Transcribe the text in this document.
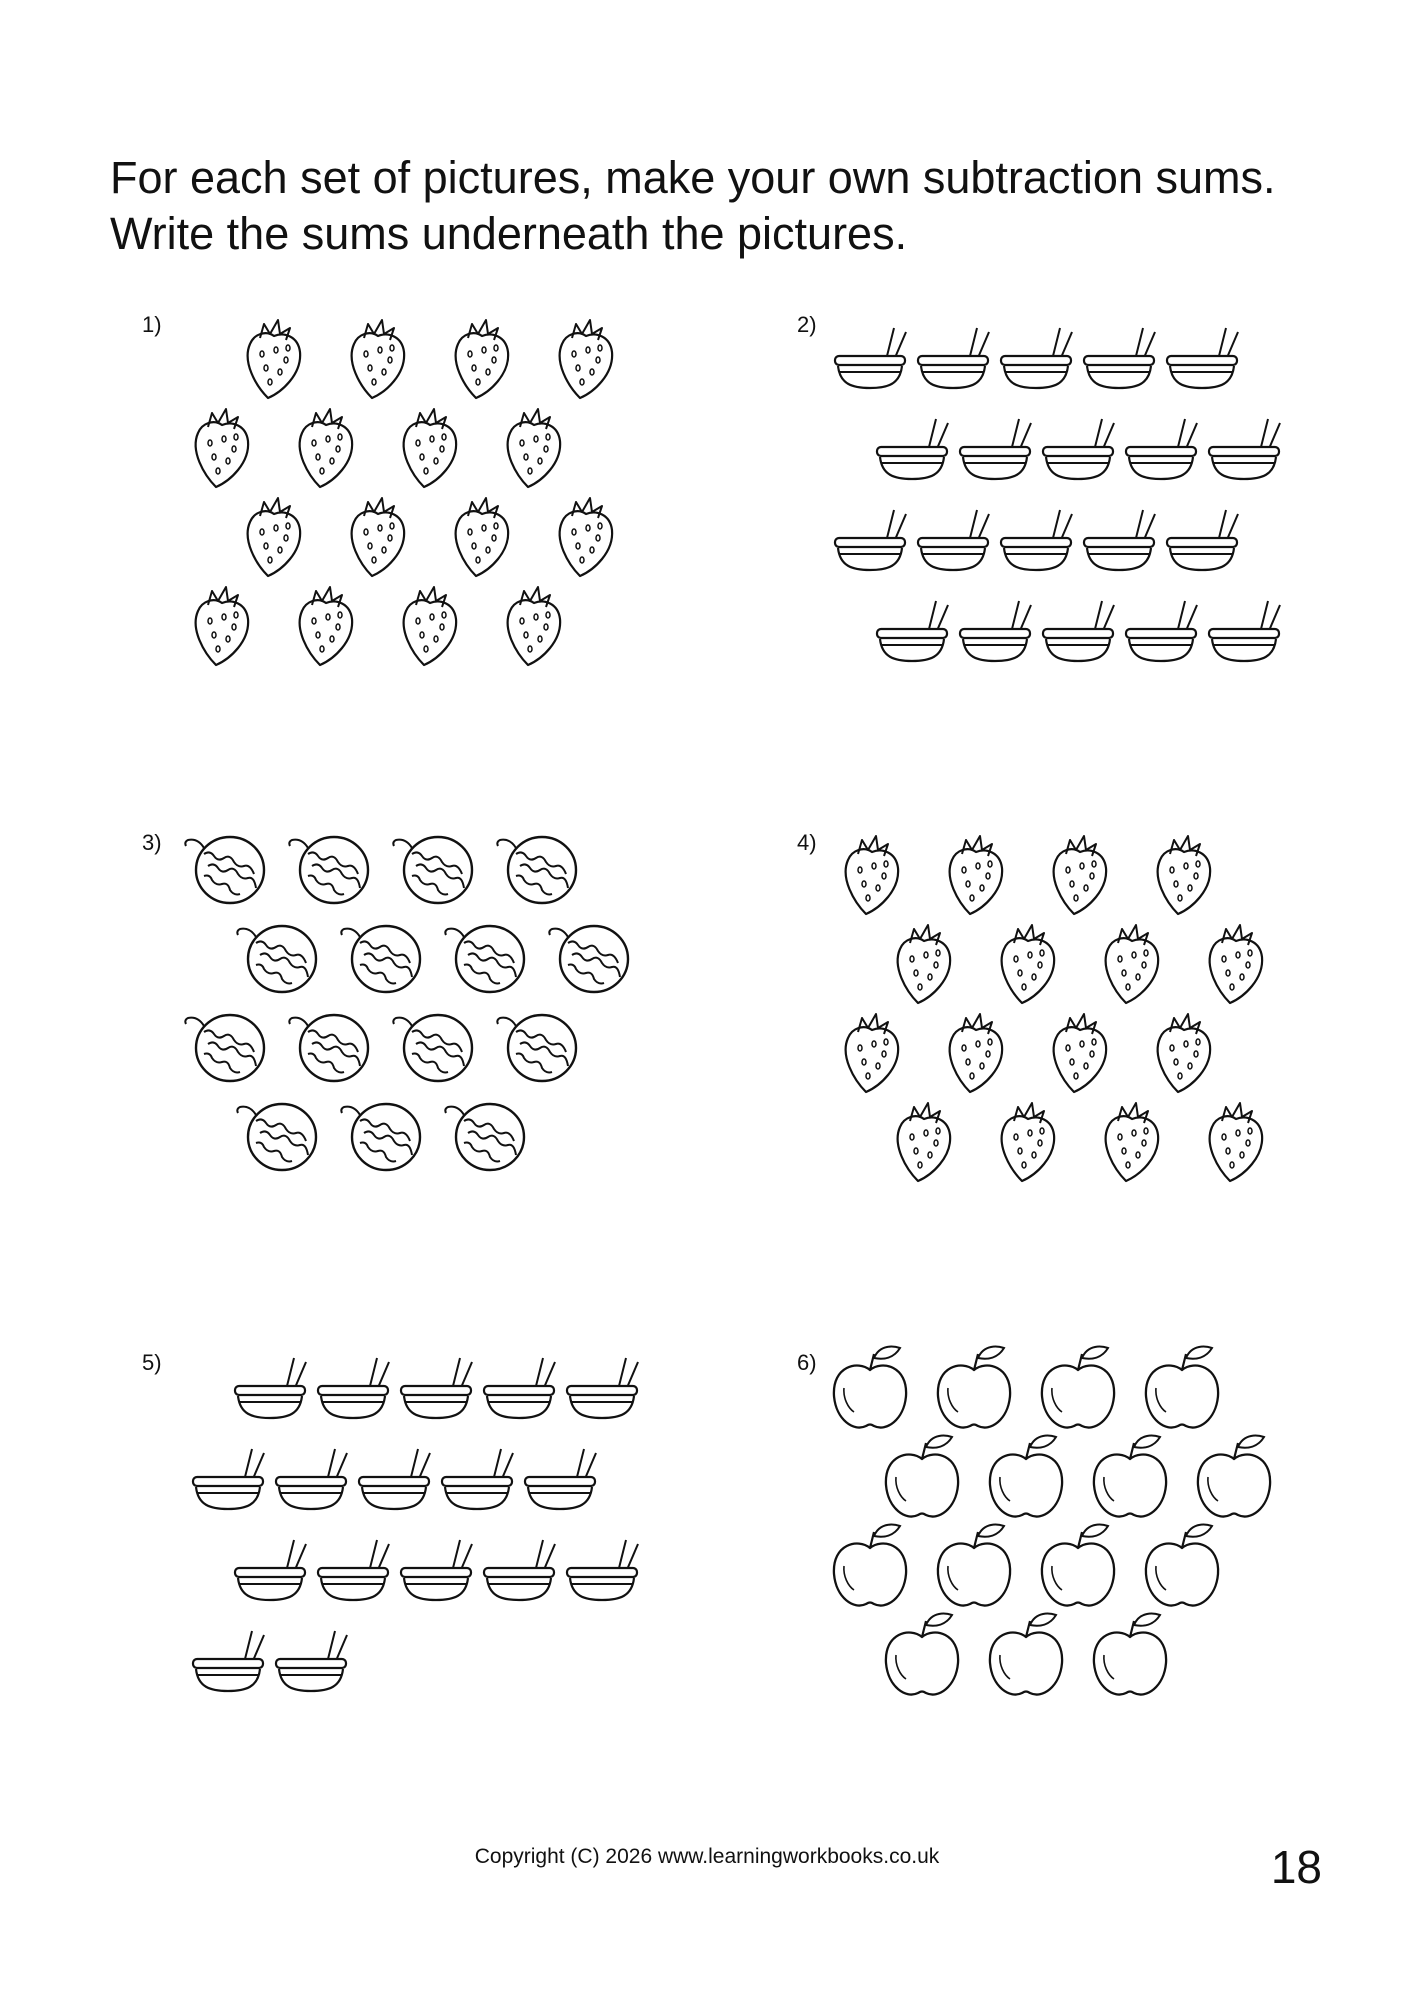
For each set of pictures, make your own subtraction sums.
Write the sums underneath the pictures.
1)	2)
3)	4)
5)	6)
Copyright (C) 2026 www.learningworkbooks.co.uk	18
